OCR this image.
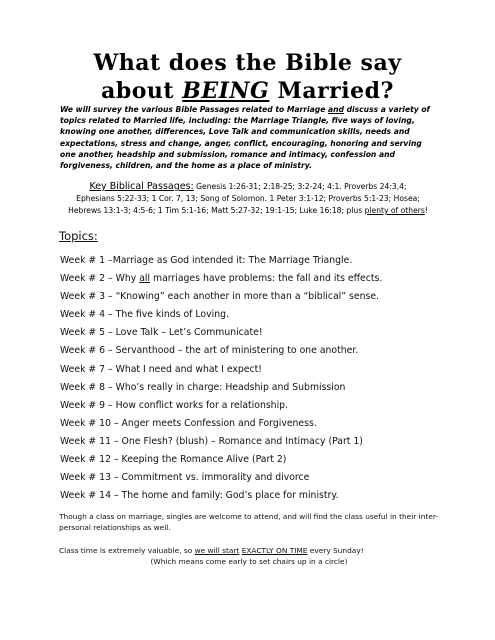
What does the Bible say
about BEING Married?
We will survey the various Bible Passages related to Marriage and discuss a variety of topics related to Married life, including: the Marriage Triangle, five ways of loving, knowing one another, differences, Love Talk and communication skills, needs and expectations, stress and change, anger, conflict, encouraging, honoring and serving one another, headship and submission, romance and intimacy, confession and forgiveness, children, and the home as a place of ministry.
Key Biblical Passages: Genesis 1:26-31; 2:18-25; 3:2-24; 4:1. Proverbs 24:3,4;
Ephesians 5:22-33; 1 Cor. 7, 13; Song of Solomon. 1 Peter 3:1-12; Proverbs 5:1-23; Hosea;
Hebrews 13:1-3; 4:5-6; 1 Tim 5:1-16; Matt 5:27-32; 19:1-15; Luke 16:18; plus plenty of others!
Topics:
Week # 1 –Marriage as God intended it: The Marriage Triangle.
Week # 2 – Why all marriages have problems: the fall and its effects.
Week # 3 – “Knowing” each another in more than a “biblical” sense.
Week # 4 – The five kinds of Loving.
Week # 5 – Love Talk – Let’s Communicate!
Week # 6 – Servanthood – the art of ministering to one another.
Week # 7 – What I need and what I expect!
Week # 8 – Who’s really in charge: Headship and Submission
Week # 9 – How conflict works for a relationship.
Week # 10 – Anger meets Confession and Forgiveness.
Week # 11 – One Flesh? (blush) – Romance and Intimacy (Part 1)
Week # 12 – Keeping the Romance Alive (Part 2)
Week # 13 – Commitment vs. immorality and divorce
Week # 14 – The home and family: God’s place for ministry.
Though a class on marriage, singles are welcome to attend, and will find the class useful in their inter- personal relationships as well.
Class time is extremely valuable, so we will start EXACTLY ON TIME every Sunday!
(Which means come early to set chairs up in a circle)
